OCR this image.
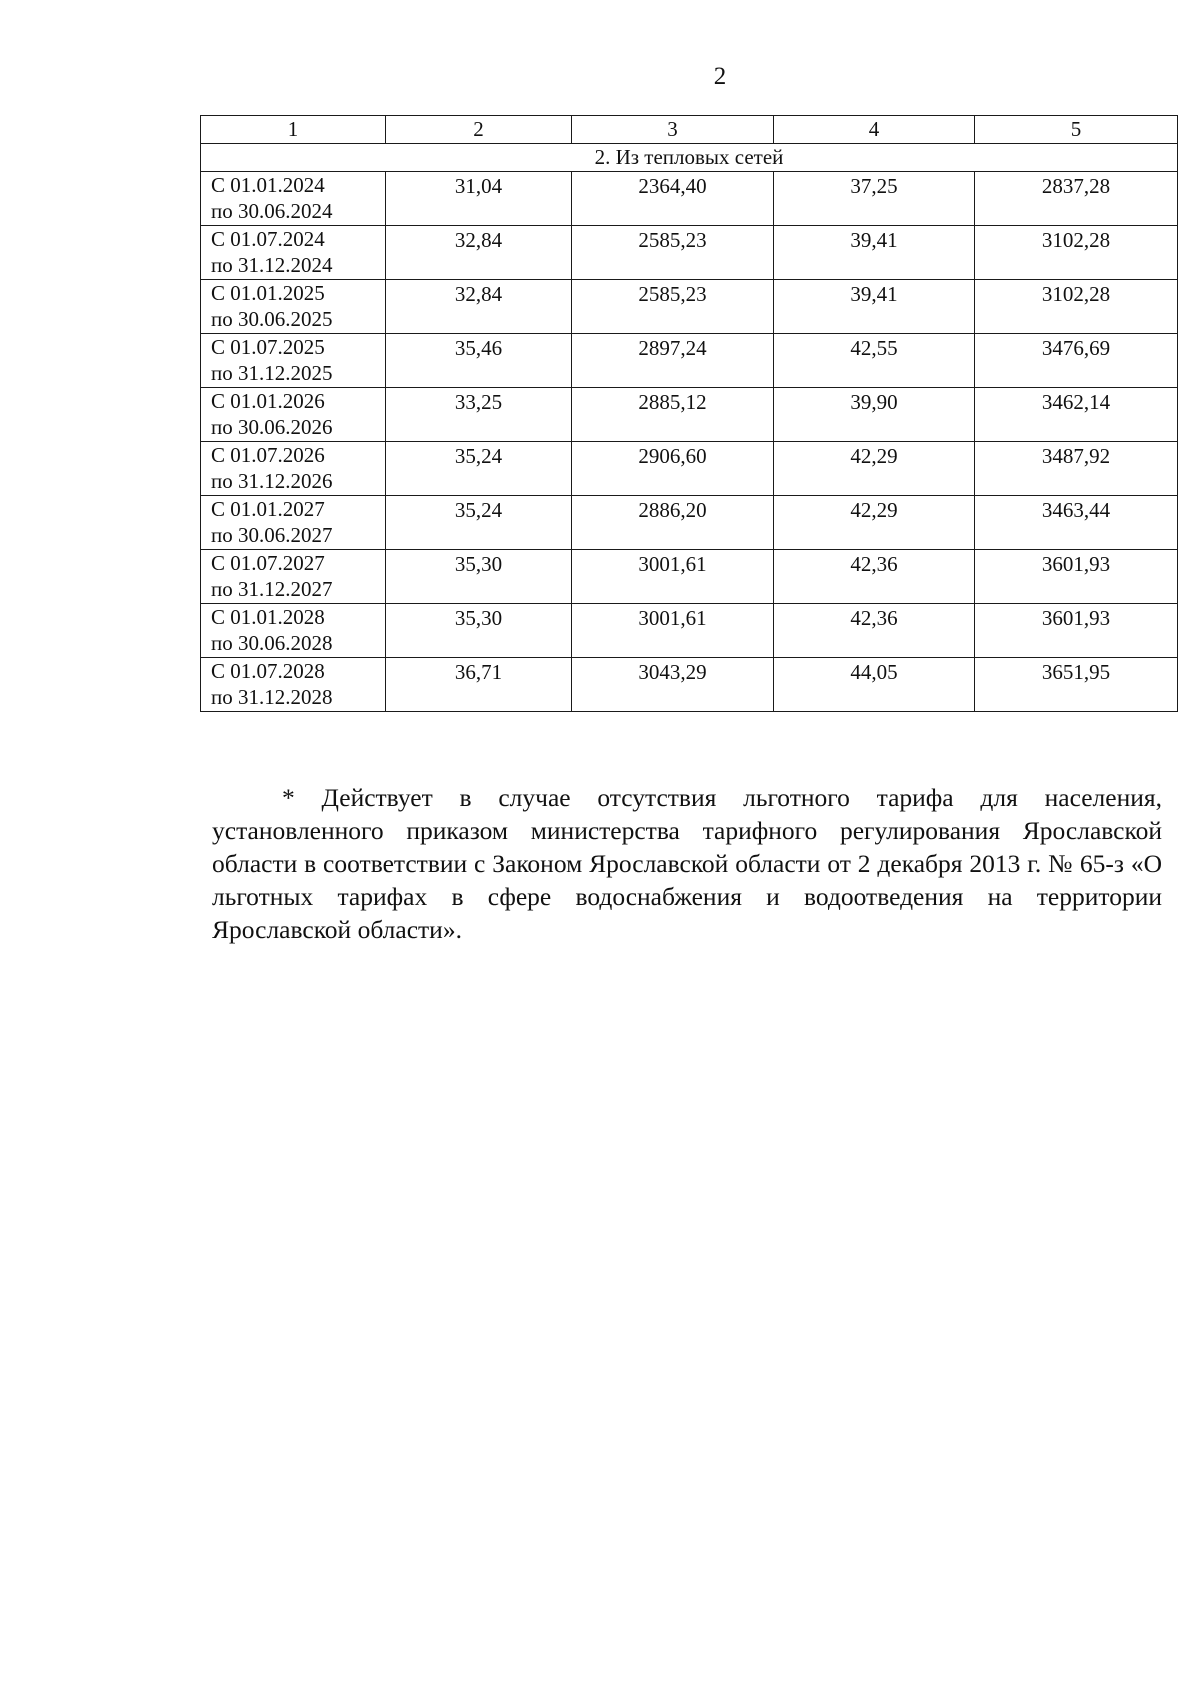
2
1	2	3	4	5
2. Из тепловых сетей				

С 01.01.2024
по 30.06.2024	31,04	2364,40	37,25	2837,28

С 01.07.2024
по 31.12.2024	32,84	2585,23	39,41	3102,28

С 01.01.2025
по 30.06.2025	32,84	2585,23	39,41	3102,28

С 01.07.2025
по 31.12.2025	35,46	2897,24	42,55	3476,69

С 01.01.2026
по 30.06.2026	33,25	2885,12	39,90	3462,14

С 01.07.2026
по 31.12.2026	35,24	2906,60	42,29	3487,92

С 01.01.2027
по 30.06.2027	35,24	2886,20	42,29	3463,44

С 01.07.2027
по 31.12.2027	35,30	3001,61	42,36	3601,93

С 01.01.2028
по 30.06.2028	35,30	3001,61	42,36	3601,93

С 01.07.2028
по 31.12.2028	36,71	3043,29	44,05	3651,95
* Действует в случае отсутствия льготного тарифа для населения, установленного приказом министерства тарифного регулирования Ярославской области в соответствии с Законом Ярославской области от 2 декабря 2013 г. № 65-з «О льготных тарифах в сфере водоснабжения и водоотведения на территории Ярославской области».
